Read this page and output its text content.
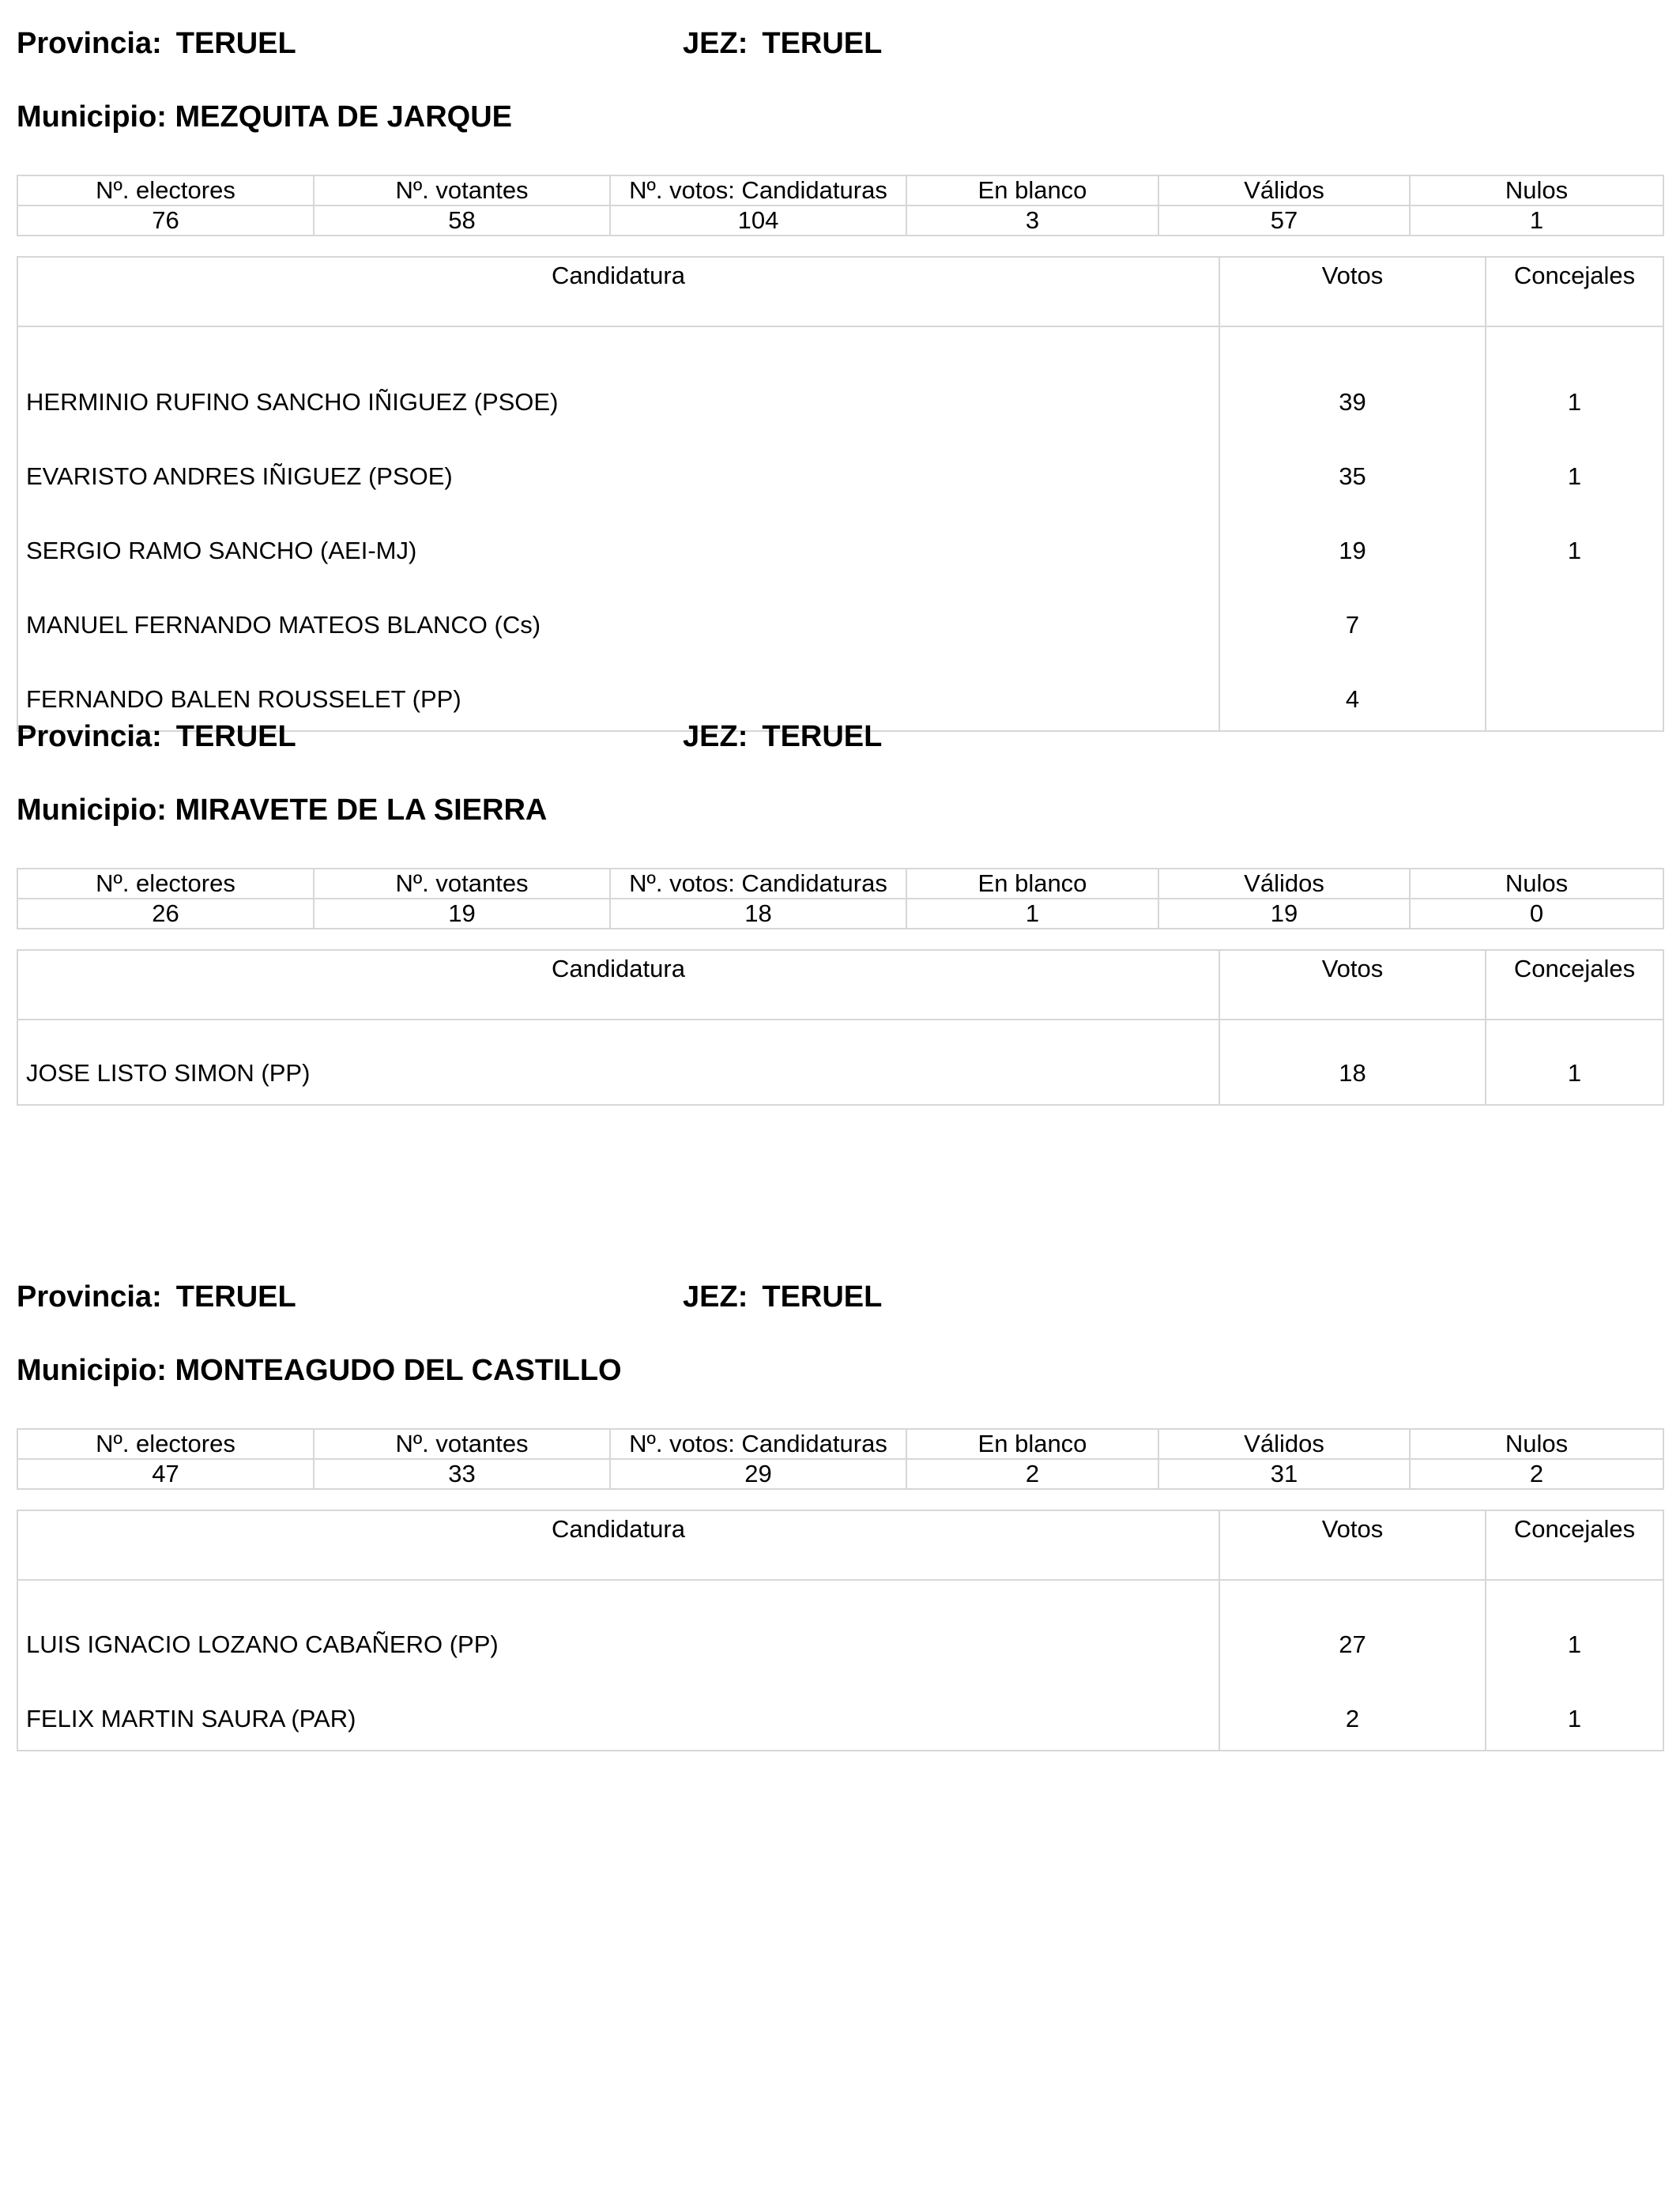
Provincia: TERUEL	JEZ: TERUEL
Municipio: MEZQUITA DE JARQUE
Nº. electores	Nº. votantes	Nº. votos: Candidaturas	En blanco	Válidos	Nulos
76	58	104	3	57	1
Candidatura	Votos	Concejales
HERMINIO RUFINO SANCHO IÑIGUEZ (PSOE)	39	1
EVARISTO ANDRES IÑIGUEZ (PSOE)	35	1
SERGIO RAMO SANCHO (AEI-MJ)	19	1
MANUEL FERNANDO MATEOS BLANCO (Cs)	7	
FERNANDO BALEN ROUSSELET (PP)	4	
Provincia: TERUEL	JEZ: TERUEL
Municipio: MIRAVETE DE LA SIERRA
Nº. electores	Nº. votantes	Nº. votos: Candidaturas	En blanco	Válidos	Nulos
26	19	18	1	19	0
Candidatura	Votos	Concejales
JOSE LISTO SIMON (PP)	18	1
Provincia: TERUEL	JEZ: TERUEL
Municipio: MONTEAGUDO DEL CASTILLO
Nº. electores	Nº. votantes	Nº. votos: Candidaturas	En blanco	Válidos	Nulos
47	33	29	2	31	2
Candidatura	Votos	Concejales
LUIS IGNACIO LOZANO CABAÑERO (PP)	27	1
FELIX MARTIN SAURA (PAR)	2	1
